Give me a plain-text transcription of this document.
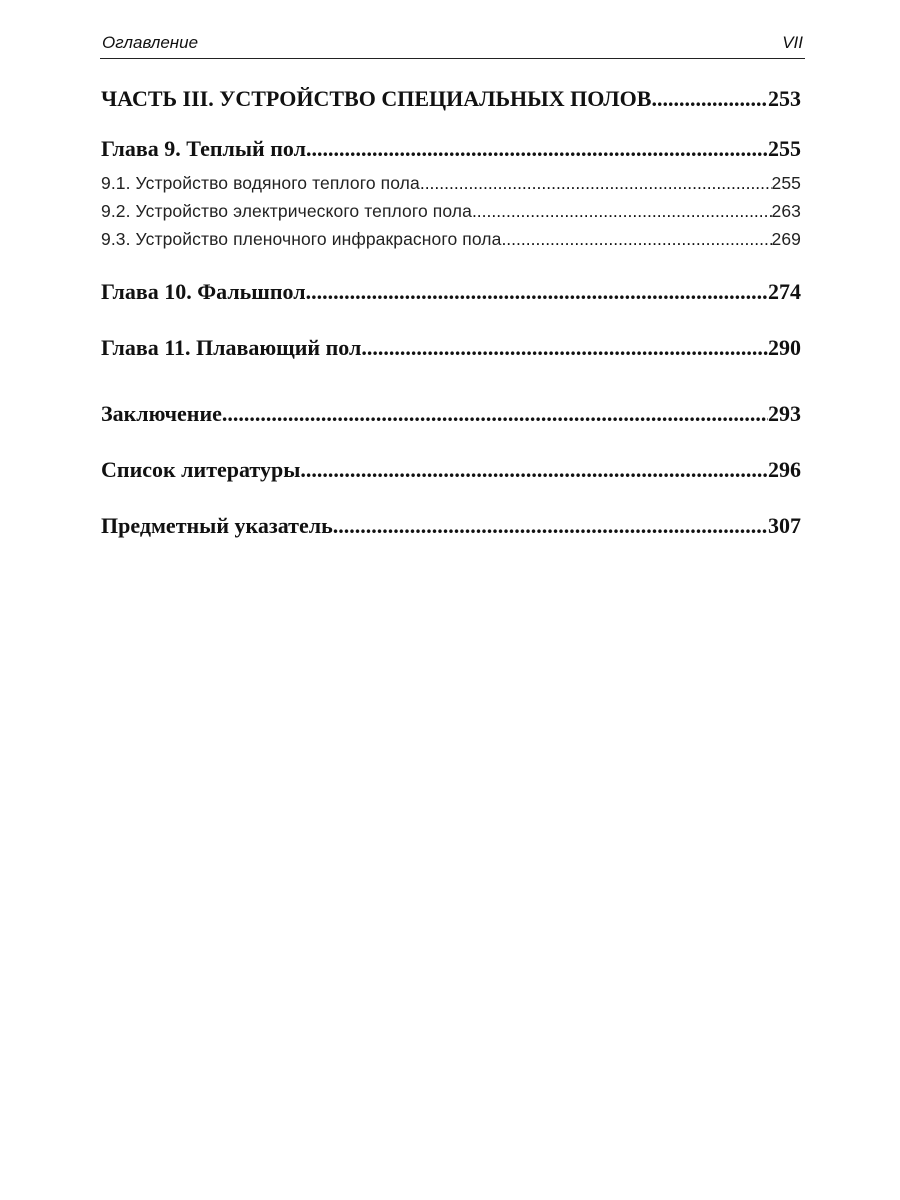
Оглавление	VII
ЧАСТЬ III. УСТРОЙСТВО СПЕЦИАЛЬНЫХ ПОЛОВ .....	253
Глава 9. Теплый пол .....	255
9.1. Устройство водяного теплого пола .....	255
9.2. Устройство электрического теплого пола .....	263
9.3. Устройство пленочного инфракрасного пола .....	269
Глава 10. Фальшпол .....	274
Глава 11. Плавающий пол .....	290
Заключение .....	293
Список литературы .....	296
Предметный указатель .....	307
